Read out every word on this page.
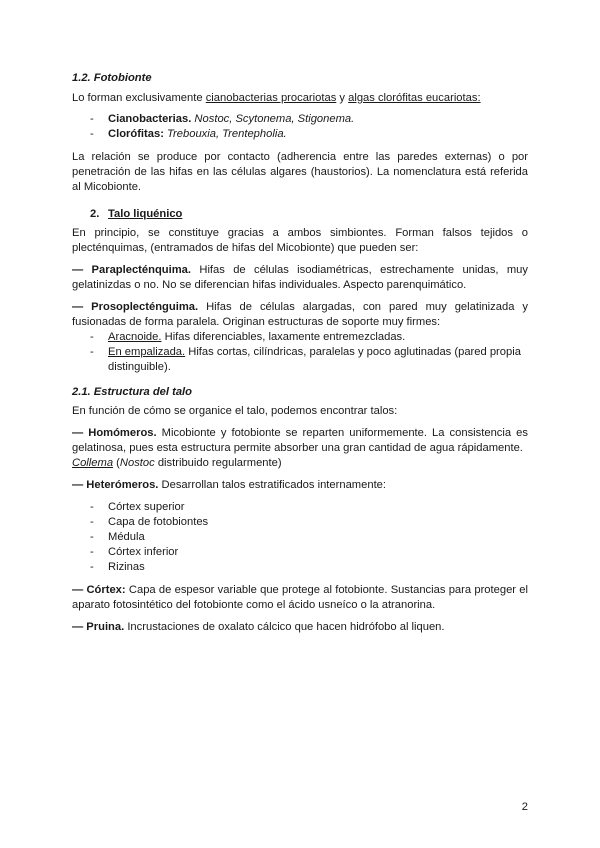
1.2. Fotobionte
Lo forman exclusivamente cianobacterias procariotas y algas clorófitas eucariotas:
-	Cianobacterias. Nostoc, Scytonema, Stigonema.
-	Clorófitas: Trebouxia, Trentepholia.
La relación se produce por contacto (adherencia entre las paredes externas) o por penetración de las hifas en las células algares (haustorios). La nomenclatura está referida al Micobionte.
2. Talo liquénico
En principio, se constituye gracias a ambos simbiontes. Forman falsos tejidos o plecténquimas, (entramados de hifas del Micobionte) que pueden ser:
— Paraplecténquima. Hifas de células isodiamétricas, estrechamente unidas, muy gelatinizdas o no. No se diferencian hifas individuales. Aspecto parenquimático.
— Prosoplecténguima. Hifas de células alargadas, con pared muy gelatinizada y fusionadas de forma paralela. Originan estructuras de soporte muy firmes:
-	Aracnoide. Hifas diferenciables, laxamente entremezcladas.
-	En empalizada. Hifas cortas, cilíndricas, paralelas y poco aglutinadas (pared propia distinguible).
2.1. Estructura del talo
En función de cómo se organice el talo, podemos encontrar talos:
— Homómeros. Micobionte y fotobionte se reparten uniformemente. La consistencia es gelatinosa, pues esta estructura permite absorber una gran cantidad de agua rápidamente.
Collema (Nostoc distribuido regularmente)
— Heterómeros. Desarrollan talos estratificados internamente:
-	Córtex superior
-	Capa de fotobiontes
-	Médula
-	Córtex inferior
-	Rizinas
— Córtex: Capa de espesor variable que protege al fotobionte. Sustancias para proteger el aparato fotosintético del fotobionte como el ácido usneíco o la atranorina.
— Pruina. Incrustaciones de oxalato cálcico que hacen hidrófobo al liquen.
2
